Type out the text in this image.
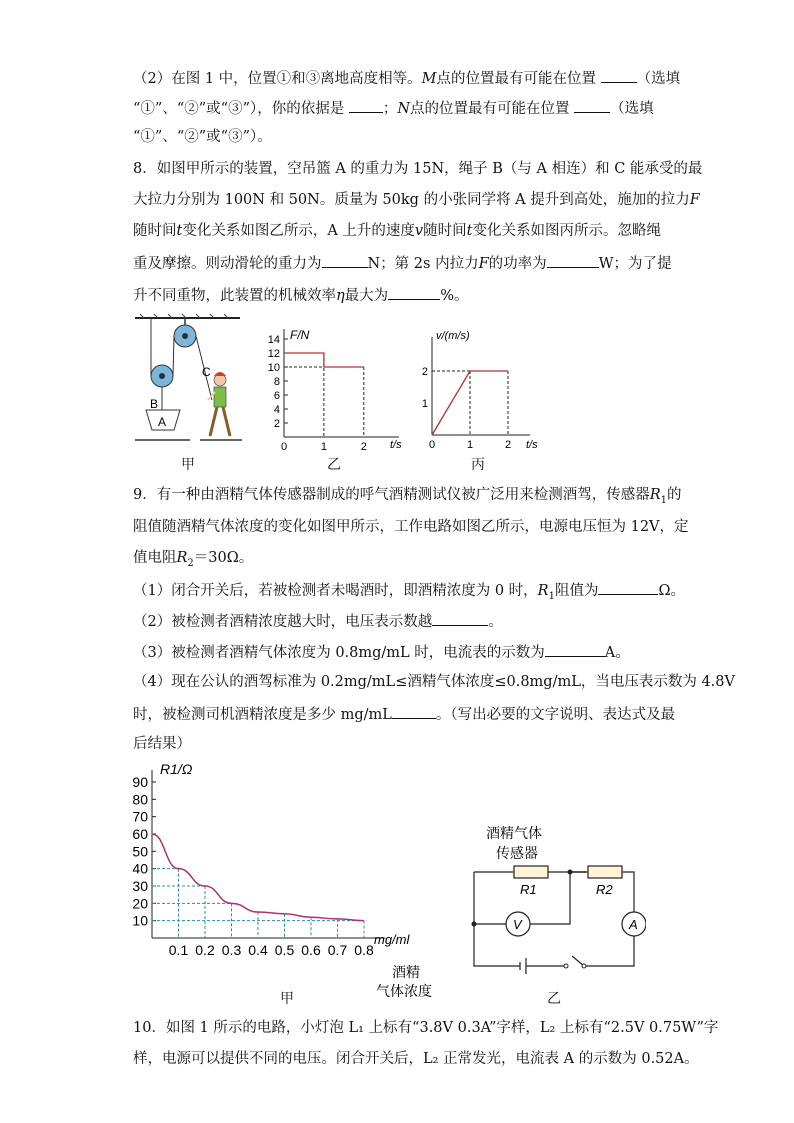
（2）在图 1 中，位置①和③离地高度相等。M点的位置最有可能在位置	（选填
“①”、“②”或“③”），你的依据是	；N点的位置最有可能在位置	（选填
“①”、“②”或“③”）。
8．如图甲所示的装置，空吊篮 A 的重力为 15N，绳子 B（与 A 相连）和 C 能承受的最
大拉力分别为 100N 和 50N。质量为 50kg 的小张同学将 A 提升到高处，施加的拉力F
随时间t变化关系如图乙所示，A 上升的速度v随时间t变化关系如图丙所示。忽略绳
重及摩擦。则动滑轮的重力为	N；第 2s 内拉力F的功率为	W；为了提
升不同重物，此装置的机械效率η最大为	%。
B
C
A
甲
2
4
6
8
10
12
14
0	1	2
F/N
t/s
乙
1
2
0	1	2
v/(m/s)
t/s
丙
9．有一种由酒精气体传感器制成的呼气酒精测试仪被广泛用来检测酒驾，传感器$R_1$的
阻值随酒精气体浓度的变化如图甲所示，工作电路如图乙所示，电源电压恒为 12V，定
值电阻$R_2=30\Omega$。
（1）闭合开关后，若被检测者未喝酒时，即酒精浓度为 0 时，$R_1$阻值为	Ω。
（2）被检测者酒精浓度越大时，电压表示数越	。
（3）被检测者酒精气体浓度为 0.8mg/mL 时，电流表的示数为	A。
（4）现在公认的酒驾标准为 0.2mg/mL≤酒精气体浓度≤0.8mg/mL，当电压表示数为 4.8V
时，被检测司机酒精浓度是多少 mg/mL	。（写出必要的文字说明、表达式及最
后结果）
10
20
30
40
50
60
70
80
90
0.1 0.2 0.3 0.4 0.5 0.6 0.7 0.8
R1/Ω
mg/ml
酒精
气体浓度
甲
酒精气体
传感器
R1	R2
V	A
乙
10．如图 1 所示的电路，小灯泡 L₁ 上标有“3.8V 0.3A”字样，L₂ 上标有“2.5V 0.75W”字
样，电源可以提供不同的电压。闭合开关后，L₂ 正常发光，电流表 A 的示数为 0.52A。
